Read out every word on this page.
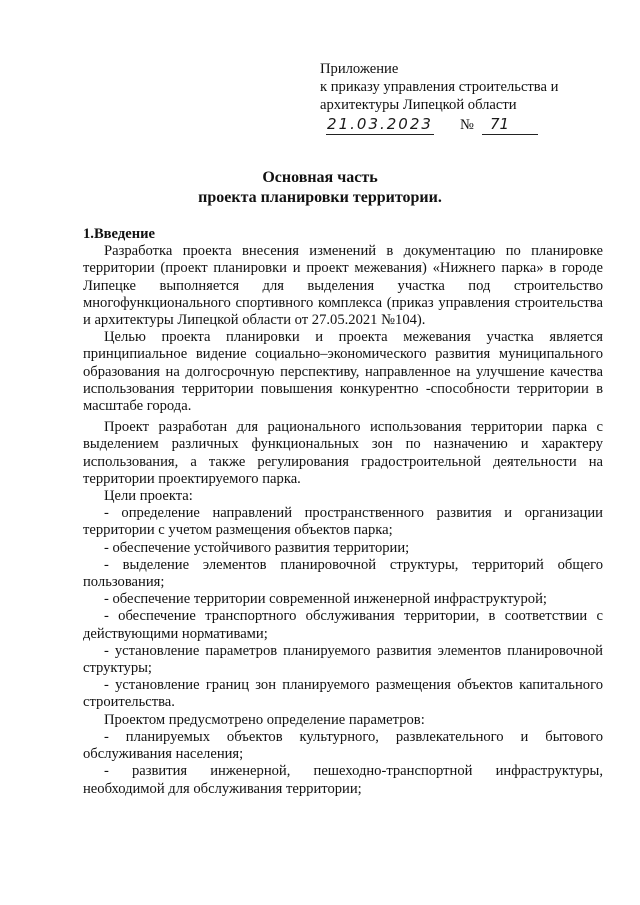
Приложение
к приказу управления строительства и
архитектуры Липецкой области
21.03.2023 №	71
Основная часть
проекта планировки территории.

1.Введение

Разработка проекта внесения изменений в документацию по планировке территории (проект планировки и проект межевания) «Нижнего парка» в городе Липецке выполняется для выделения участка под строительство многофункционального спортивного комплекса (приказ управления строительства и архитектуры Липецкой области от 27.05.2021 №104).

Целью проекта планировки и проекта межевания участка является принципиальное видение социально–экономического развития муниципального образования на долгосрочную перспективу, направленное на улучшение качества использования территории повышения конкурентно -способности территории в масштабе города.

Проект разработан для рационального использования территории парка с выделением различных функциональных зон по назначению и характеру использования, а также регулирования градостроительной деятельности на территории проектируемого парка.

Цели проекта:

- определение направлений пространственного развития и организации территории с учетом размещения объектов парка;

- обеспечение устойчивого развития территории;

- выделение элементов планировочной структуры, территорий общего пользования;

- обеспечение территории современной инженерной инфраструктурой;

- обеспечение транспортного обслуживания территории, в соответствии с действующими нормативами;

- установление параметров планируемого развития элементов планировочной структуры;

- установление границ зон планируемого размещения объектов капитального строительства.

Проектом предусмотрено определение параметров:

- планируемых объектов культурного, развлекательного и бытового обслуживания населения;

- развития инженерной, пешеходно-транспортной инфраструктуры, необходимой для обслуживания территории;
